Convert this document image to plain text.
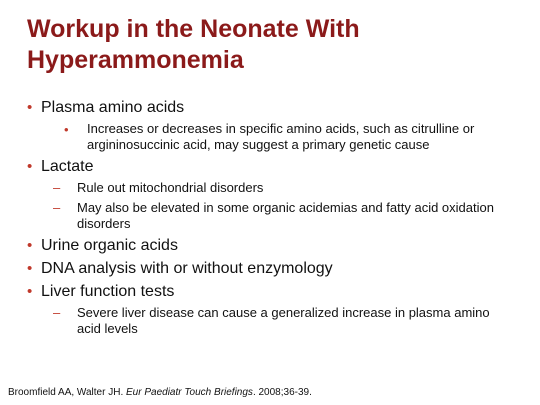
Workup in the Neonate With
Hyperammonemia
• Plasma amino acids
• Increases or decreases in specific amino acids, such as citrulline or argininosuccinic acid, may suggest a primary genetic cause
• Lactate
– Rule out mitochondrial disorders
– May also be elevated in some organic acidemias and fatty acid oxidation disorders
• Urine organic acids
• DNA analysis with or without enzymology
• Liver function tests
– Severe liver disease can cause a generalized increase in plasma amino acid levels
Broomfield AA, Walter JH. Eur Paediatr Touch Briefings. 2008;36-39.
